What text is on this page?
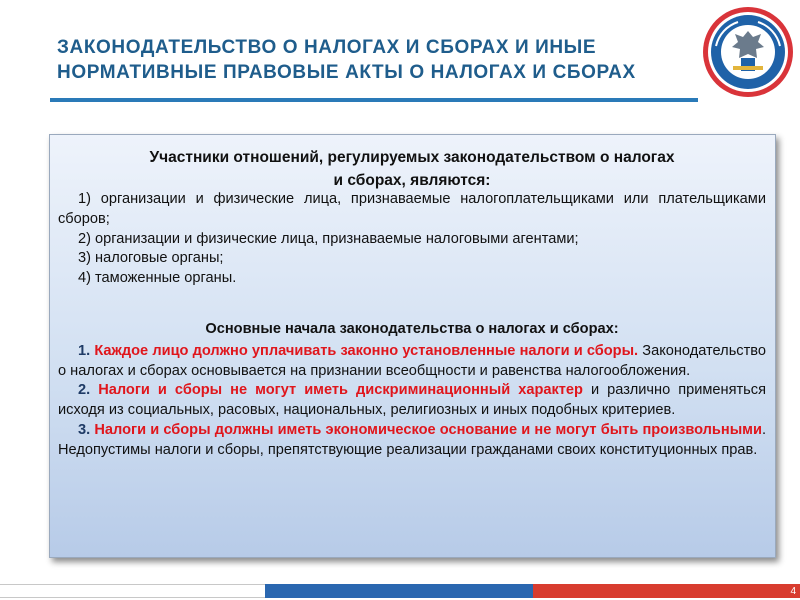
ЗАКОНОДАТЕЛЬСТВО О НАЛОГАХ И СБОРАХ И ИНЫЕ
НОРМАТИВНЫЕ ПРАВОВЫЕ АКТЫ О НАЛОГАХ И СБОРАХ
Участники отношений, регулируемых законодательством о налогах
и сборах, являются:

1) организации и физические лица, признаваемые налогоплательщиками или плательщиками сборов;

2) организации и физические лица, признаваемые налоговыми агентами;

3) налоговые органы;

4) таможенные органы.

Основные начала законодательства о налогах и сборах:

1. Каждое лицо должно уплачивать законно установленные налоги и сборы. Законодательство о налогах и сборах основывается на признании всеобщности и равенства налогообложения.

2. Налоги и сборы не могут иметь дискриминационный характер и различно применяться исходя из социальных, расовых, национальных, религиозных и иных подобных критериев.

3. Налоги и сборы должны иметь экономическое основание и не могут быть произвольными. Недопустимы налоги и сборы, препятствующие реализации гражданами своих конституционных прав.

4
